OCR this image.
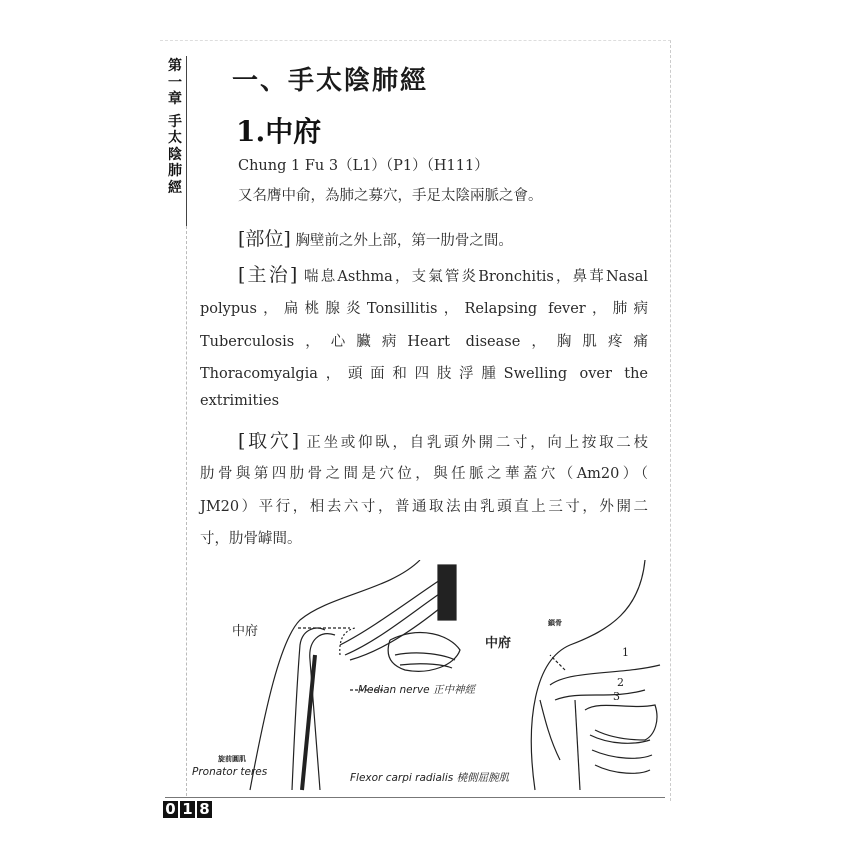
第一章
手太陰肺經
一、手太陰肺經
1.中府
Chung 1 Fu 3（L1）（P1）（H111）
又名膺中俞，為肺之募穴，手足太陰兩脈之會。
[部位] 胸壁前之外上部，第一肋骨之間。
[主治] 喘息Asthma，支氣管炎Bronchitis，鼻茸Nasal
polypus，扁桃腺炎Tonsillitis，Relapsing fever，肺病
Tuberculosis，心臟病Heart disease，胸肌疼痛
Thoracomyalgia，頭面和四肢浮腫Swelling over the
extrimities
[取穴] 正坐或仰臥，自乳頭外開二寸，向上按取二枝
肋骨與第四肋骨之間是穴位，與任脈之華蓋穴（Am20）（
JM20）平行，相去六寸，普通取法由乳頭直上三寸，外開二
寸，肋骨罅間。
中府
Median nerve 正中神經
旋前圓肌
Pronator teres	Flexor carpi radialis 橈側屈腕肌
中府
鎖骨
1
2
3
0 1 8
